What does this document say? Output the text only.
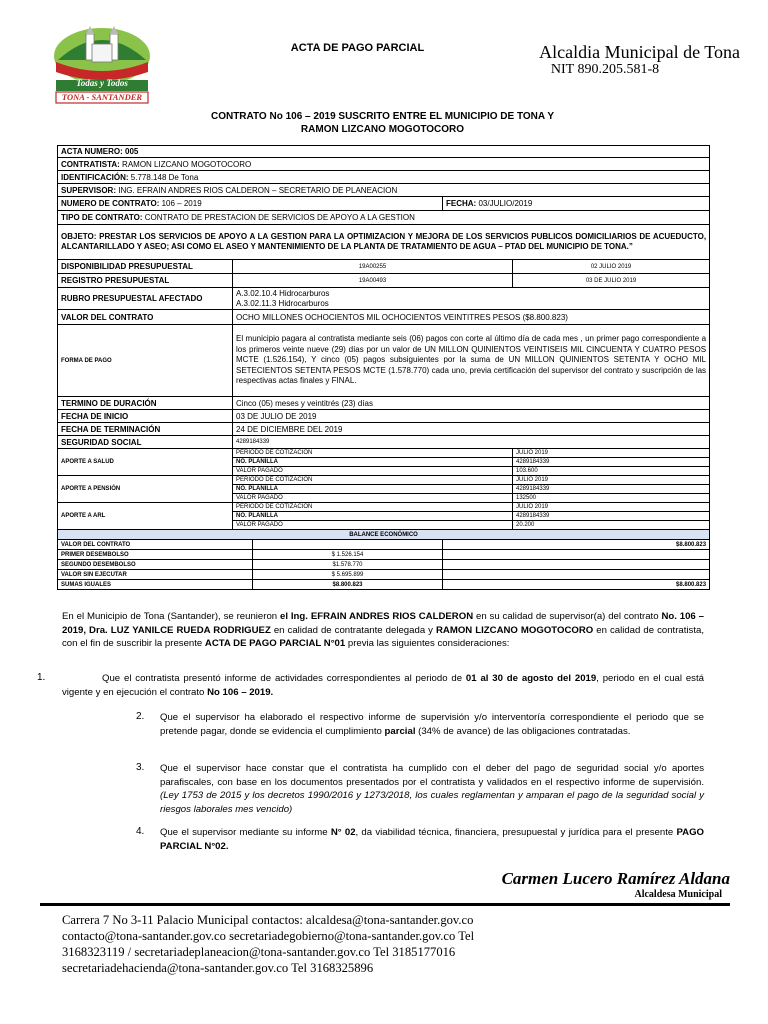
Todas y Todos
TONA - SANTANDER
ACTA DE PAGO PARCIAL	Alcaldia Municipal de Tona
NIT 890.205.581-8
CONTRATO No 106 – 2019 SUSCRITO ENTRE EL MUNICIPIO DE TONA Y
RAMON LIZCANO MOGOTOCORO
ACTA NUMERO: 005				
CONTRATISTA: RAMON LIZCANO MOGOTOCORO				
IDENTIFICACIÓN: 5.778.148 De Tona				
SUPERVISOR: ING. EFRAIN ANDRES RIOS CALDERON – SECRETARIO DE PLANEACION				
NUMERO DE CONTRATO: 106 – 2019			FECHA: 03/JULIO/2019	
TIPO DE CONTRATO: CONTRATO DE PRESTACION DE SERVICIOS DE APOYO A LA GESTION				
OBJETO: PRESTAR LOS SERVICIOS DE APOYO A LA GESTION PARA LA OPTIMIZACION Y MEJORA DE LOS SERVICIOS PUBLICOS DOMICILIARIOS DE ACUEDUCTO, ALCANTARILLADO Y ASEO; ASI COMO EL ASEO Y MANTENIMIENTO DE LA PLANTA DE TRATAMIENTO DE AGUA – PTAD DEL MUNICIPIO DE TONA.”				
DISPONIBILIDAD PRESUPUESTAL	19A00255			02 JULIO 2019
REGISTRO PRESUPUESTAL	19A00493			03 DE JULIO 2019
RUBRO PRESUPUESTAL AFECTADO	A.3.02.10.4 Hidrocarburos
A.3.02.11.3 Hidrocarburos			

VALOR DEL CONTRATO	OCHO MILLONES OCHOCIENTOS MIL OCHOCIENTOS VEINTITRES PESOS ($8.800.823)			
FORMA DE PAGO	El municipio pagara al contratista mediante seis (06) pagos con corte al último día de cada mes , un primer pago correspondiente a los primeros veinte nueve (29) días por un valor de UN MILLON QUINIENTOS VEINTISEIS MIL CINCUENTA Y CUATRO PESOS MCTE (1.526.154), Y cinco (05) pagos subsiguientes por la suma de UN MILLON QUINIENTOS SETENTA Y OCHO MIL SETECIENTOS SETENTA PESOS MCTE (1.578.770) cada uno, previa certificación del supervisor del contrato y suscripción de las respectivas actas finales y FINAL.			
TERMINO DE DURACIÓN	Cinco (05) meses y veintitrés (23) días			
FECHA DE INICIO	03 DE JULIO DE 2019			
FECHA DE TERMINACIÓN	24 DE DICIEMBRE DEL 2019			
SEGURIDAD SOCIAL	4289184339			
APORTE A SALUD	PERIODO DE COTIZACIÓN			JULIO 2019
	NO. PLANILLA			4289184339
	VALOR PAGADO			103.600
APORTE A PENSIÓN	PERIODO DE COTIZACIÓN			JULIO 2019
	NO. PLANILLA			4289184339
	VALOR PAGADO			132500
APORTE A ARL	PERIODO DE COTIZACIÓN			JULIO 2019
	NO. PLANILLA			4289184339
	VALOR PAGADO			20.200
BALANCE ECONÓMICO				
VALOR DEL CONTRATO			$8.800.823	
PRIMER DESEMBOLSO		$ 1.526.154		
SEGUNDO DESEMBOLSO		$1.578.770		
VALOR SIN EJECUTAR		$ 5.695.899		
SUMAS IGUALES		$8.800.823	$8.800.823	
En el Municipio de Tona (Santander), se reunieron el Ing. EFRAIN ANDRES RIOS CALDERON en su calidad de supervisor(a) del contrato No. 106 – 2019, Dra. LUZ YANILCE RUEDA RODRIGUEZ en calidad de contratante delegada y RAMON LIZCANO MOGOTOCORO en calidad de contratista, con el fin de suscribir la presente ACTA DE PAGO PARCIAL N°01 previa las siguientes consideraciones:
1.	Que el contratista presentó informe de actividades correspondientes al periodo de 01 al 30 de agosto del 2019, periodo en el cual está vigente y en ejecución el contrato No 106 – 2019.
2. Que el supervisor ha elaborado el respectivo informe de supervisión y/o interventoría correspondiente el periodo que se pretende pagar, donde se evidencia el cumplimiento parcial (34% de avance) de las obligaciones contratadas.
3. Que el supervisor hace constar que el contratista ha cumplido con el deber del pago de seguridad social y/o aportes parafiscales, con base en los documentos presentados por el contratista y validados en el respectivo informe de supervisión. (Ley 1753 de 2015 y los decretos 1990/2016 y 1273/2018, los cuales reglamentan y amparan el pago de la seguridad social y riesgos laborales mes vencido)
4. Que el supervisor mediante su informe N° 02, da viabilidad técnica, financiera, presupuestal y jurídica para el presente PAGO PARCIAL N°02.
Carmen Lucero Ramírez Aldana
Alcaldesa Municipal
Carrera 7 No 3-11 Palacio Municipal contactos: alcaldesa@tona-santander.gov.co
contacto@tona-santander.gov.co secretariadegobierno@tona-santander.gov.co Tel
3168323119 / secretariadeplaneacion@tona-santander.gov.co Tel 3185177016
secretariadehacienda@tona-santander.gov.co Tel 3168325896
